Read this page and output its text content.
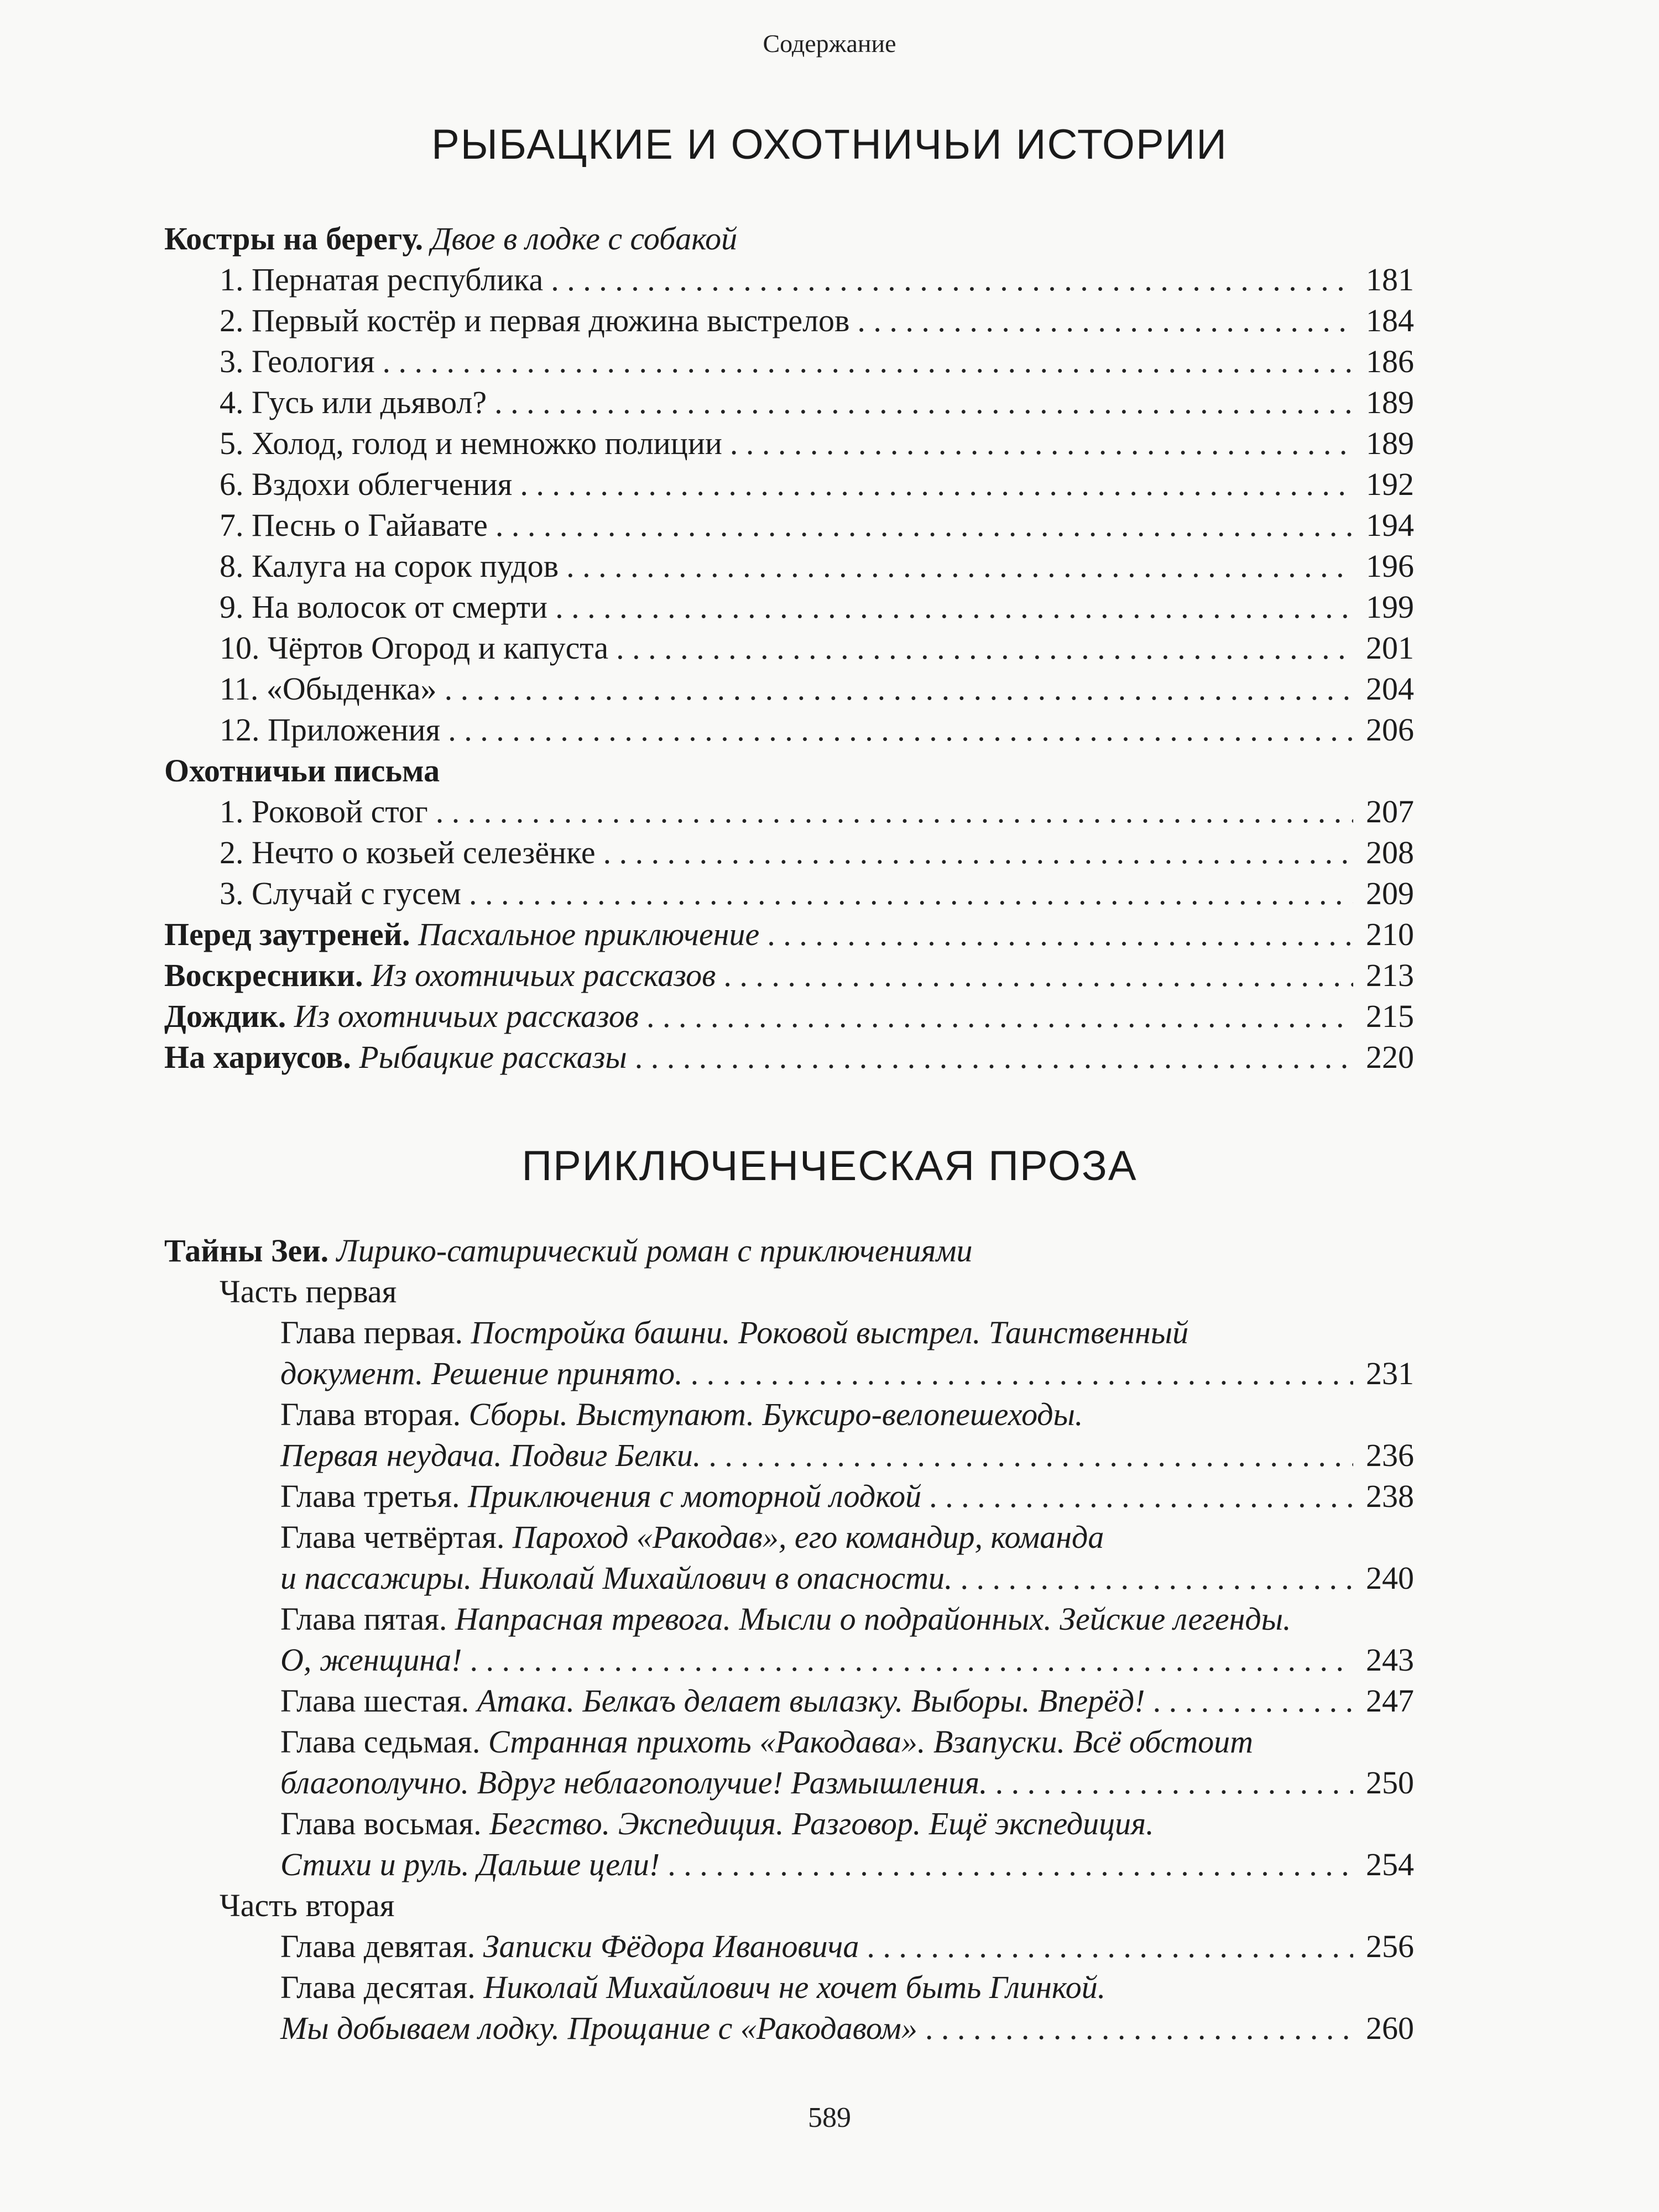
Содержание
РЫБАЦКИЕ И ОХОТНИЧЬИ ИСТОРИИ
Костры на берегу. Двое в лодке с собакой
1. Пернатая республика . . .	181
2. Первый костёр и первая дюжина выстрелов . . .	184
3. Геология . . .	186
4. Гусь или дьявол? . . .	189
5. Холод, голод и немножко полиции . . .	189
6. Вздохи облегчения . . .	192
7. Песнь о Гайавате . . .	194
8. Калуга на сорок пудов . . .	196
9. На волосок от смерти . . .	199
10. Чёртов Огород и капуста . . .	201
11. «Обыденка» . . .	204
12. Приложения . . .	206
Охотничьи письма
1. Роковой стог . . .	207
2. Нечто о козьей селезёнке . . .	208
3. Случай с гусем . . .	209
Перед заутреней . Пасхальное приключение . . .	210
Воскресники . Из охотничьих рассказов . . .	213
Дождик . Из охотничьих рассказов . . .	215
На хариусов . Рыбацкие рассказы . . .	220
ПРИКЛЮЧЕНЧЕСКАЯ ПРОЗА
Тайны Зеи. Лирико-сатирический роман с приключениями
Часть первая
Глава первая. Постройка башни. Роковой выстрел. Таинственный
документ. Решение принято. . . .	231
Глава вторая. Сборы. Выступают. Буксиро-велопешеходы.
Первая неудача. Подвиг Белки. . . .	236
Глава третья.
Приключения с моторной лодкой . . .	238
Глава четвёртая. Пароход «Ракодав», его командир, команда
и пассажиры. Николай Михайлович в опасности. . . .	240
Глава пятая. Напрасная тревога. Мысли о подрайонных. Зейские легенды.
О, женщина! . . .	243
Глава шестая.
Атака. Белкаъ делает вылазку. Выборы. Вперёд! . . .	247
Глава седьмая. Странная прихоть «Ракодава». Взапуски. Всё обстоит
благополучно. Вдруг неблагополучие! Размышления. . . .	250
Глава восьмая. Бегство. Экспедиция. Разговор. Ещё экспедиция.
Стихи и руль. Дальше цели! . . .	254
Часть вторая
Глава девятая.
Записки Фёдора Ивановича . . .	256
Глава десятая. Николай Михайлович не хочет быть Глинкой.
Мы добываем лодку. Прощание с «Ракодавом» . . .	260
589
